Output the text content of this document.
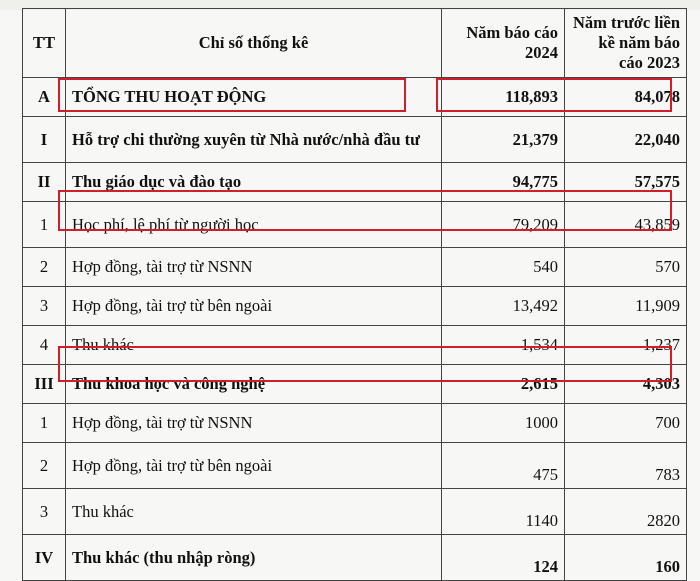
TT	Chỉ số thống kê	Năm báo cáo 2024	Năm trước liền kề năm báo cáo 2023
A	TỔNG THU HOẠT ĐỘNG	118,893	84,078
I	Hỗ trợ chi thường xuyên từ Nhà nước/nhà đầu tư	21,379	22,040
II	Thu giáo dục và đào tạo	94,775	57,575
1	Học phí, lệ phí từ người học	79,209	43,859
2	Hợp đồng, tài trợ từ NSNN	540	570
3	Hợp đồng, tài trợ từ bên ngoài	13,492	11,909
4	Thu khác	1,534	1,237
III	Thu khoa học và công nghệ	2,615	4,303
1	Hợp đồng, tài trợ từ NSNN	1000	700
2	Hợp đồng, tài trợ từ bên ngoài	475	783
3	Thu khác	1140	2820
IV	Thu khác (thu nhập ròng)	124	160
